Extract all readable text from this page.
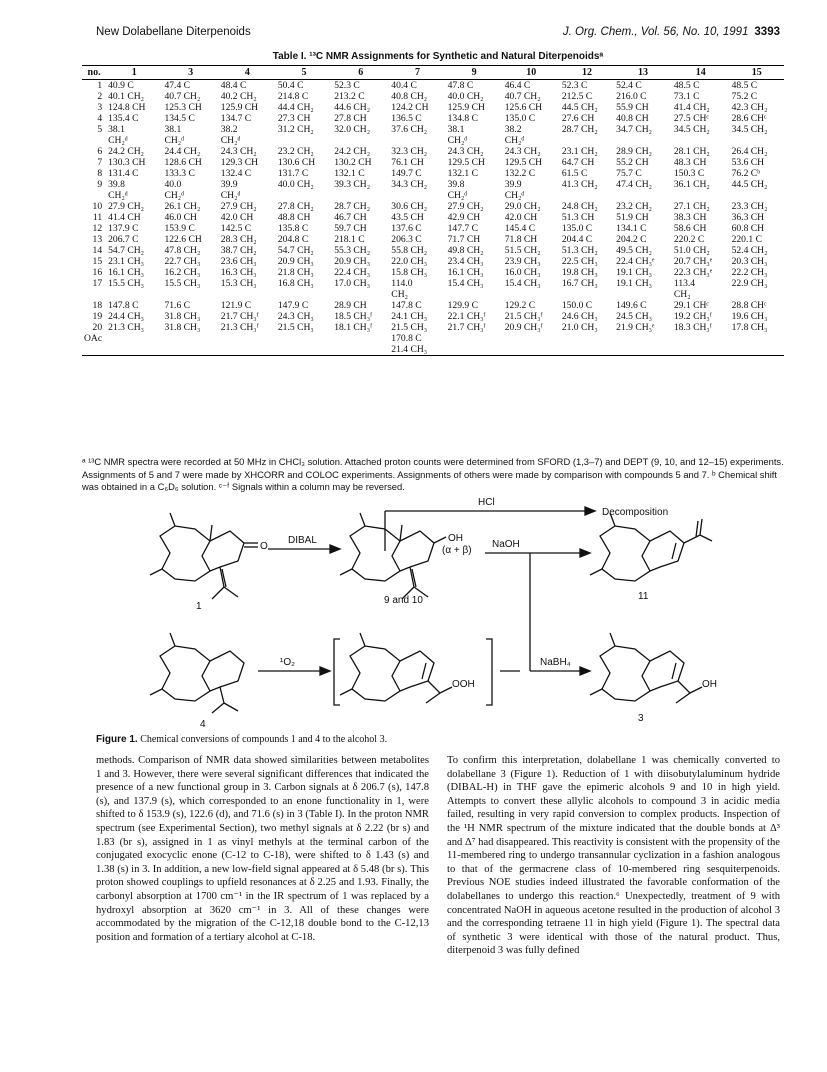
New Dolabellane Diterpenoids	J. Org. Chem., Vol. 56, No. 10, 1991 3393
Table I. ¹³C NMR Assignments for Synthetic and Natural Diterpenoidsᵃ
no.	1	3	4	5	6	7	9	10	12	13	14	15
1	40.9 C	47.4 C	48.4 C	50.4 C	52.3 C	40.4 C	47.8 C	46.4 C	52.3 C	52.4 C	48.5 C	48.5 C
2	40.1 CH₂	40.7 CH₂	40.2 CH₂	214.8 C	213.2 C	40.8 CH₂	40.0 CH₂	40.7 CH₂	212.5 C	216.0 C	73.1 C	75.2 C
3	124.8 CH	125.3 CH	125.9 CH	44.4 CH₂	44.6 CH₂	124.2 CH	125.9 CH	125.6 CH	44.5 CH₂	55.9 CH	41.4 CH₂	42.3 CH₂
4	135.4 C	134.5 C	134.7 C	27.3 CH	27.8 CH	136.5 C	134.8 C	135.0 C	27.6 CH	40.8 CH	27.5 CHᶜ	28.6 CHᶜ
5	38.1	38.1	38.2	31.2 CH₂	32.0 CH₂	37.6 CH₂	38.1	38.2	28.7 CH₂	34.7 CH₂	34.5 CH₂	34.5 CH₂
	CH₂ᵈ	CH₂ᵈ	CH₂ᵈ				CH₂ᵈ	CH₂ᵈ				
6	24.2 CH₂	24.4 CH₂	24.3 CH₂	23.2 CH₂	24.2 CH₂	32.3 CH₂	24.3 CH₂	24.3 CH₂	23.1 CH₂	28.9 CH₂	28.1 CH₂	26.4 CH₂
7	130.3 CH	128.6 CH	129.3 CH	130.6 CH	130.2 CH	76.1 CH	129.5 CH	129.5 CH	64.7 CH	55.2 CH	48.3 CH	53.6 CH
8	131.4 C	133.3 C	132.4 C	131.7 C	132.1 C	149.7 C	132.1 C	132.2 C	61.5 C	75.7 C	150.3 C	76.2 Cᵇ
9	39.8	40.0	39.9	40.0 CH₂	39.3 CH₂	34.3 CH₂	39.8	39.9	41.3 CH₂	47.4 CH₂	36.1 CH₂	44.5 CH₂
	CH₂ᵈ	CH₂ᵈ	CH₂ᵈ				CH₂ᵈ	CH₂ᵈ				
10	27.9 CH₂	26.1 CH₂	27.9 CH₂	27.8 CH₂	28.7 CH₂	30.6 CH₂	27.9 CH₂	29.0 CH₂	24.8 CH₂	23.2 CH₂	27.1 CH₂	23.3 CH₂
11	41.4 CH	46.0 CH	42.0 CH	48.8 CH	46.7 CH	43.5 CH	42.9 CH	42.0 CH	51.3 CH	51.9 CH	38.3 CH	36.3 CH
12	137.9 C	153.9 C	142.5 C	135.8 C	59.7 CH	137.6 C	147.7 C	145.4 C	135.0 C	134.1 C	58.6 CH	60.8 CH
13	206.7 C	122.6 CH	28.3 CH₂	204.8 C	218.1 C	206.3 C	71.7 CH	71.8 CH	204.4 C	204.2 C	220.2 C	220.1 C
14	54.7 CH₂	47.8 CH₂	38.7 CH₂	54.7 CH₂	55.3 CH₂	55.8 CH₂	49.8 CH₂	51.5 CH₂	51.3 CH₂	49.5 CH₂	51.0 CH₂	52.4 CH₂
15	23.1 CH₃	22.7 CH₃	23.6 CH₃	20.9 CH₃	20.9 CH₃	22.0 CH₃	23.4 CH₃	23.9 CH₃	22.5 CH₃	22.4 CH₃ᵉ	20.7 CH₃ᵉ	20.3 CH₃
16	16.1 CH₃	16.2 CH₃	16.3 CH₃	21.8 CH₃	22.4 CH₃	15.8 CH₃	16.1 CH₃	16.0 CH₃	19.8 CH₃	19.1 CH₃	22.3 CH₃ᵉ	22.2 CH₃
17	15.5 CH₃	15.5 CH₃	15.3 CH₃	16.8 CH₃	17.0 CH₃	114.0	15.4 CH₃	15.4 CH₃	16.7 CH₃	19.1 CH₃	113.4	22.9 CH₃
						CH₂					CH₂	
18	147.8 C	71.6 C	121.9 C	147.9 C	28.9 CH	147.8 C	129.9 C	129.2 C	150.0 C	149.6 C	29.1 CHᶜ	28.8 CHᶜ
19	24.4 CH₃	31.8 CH₃	21.7 CH₃ᶠ	24.3 CH₃	18.5 CH₃ᶠ	24.1 CH₃	22.1 CH₃ᶠ	21.5 CH₃ᶠ	24.6 CH₃	24.5 CH₃	19.2 CH₃ᶠ	19.6 CH₃
20	21.3 CH₃	31.8 CH₃	21.3 CH₃ᶠ	21.5 CH₃	18.1 CH₃ᶠ	21.5 CH₃	21.7 CH₃ᶠ	20.9 CH₃ᶠ	21.0 CH₃	21.9 CH₃ᵉ	18.3 CH₃ᶠ	17.8 CH₃
OAc						170.8 C						
						21.4 CH₃						
ᵃ ¹³C NMR spectra were recorded at 50 MHz in CHCl₃ solution. Attached proton counts were determined from SFORD (1,3–7) and DEPT (9, 10, and 12–15) experiments. Assignments of 5 and 7 were made by XHCORR and COLOC experiments. Assignments of others were made by comparison with compounds 5 and 7. ᵇ Chemical shift was obtained in a C₆D₆ solution. ᶜ⁻ᶠ Signals within a column may be reversed.
HCl
Decomposition
DIBAL
O
OH
(α + β)
NaOH
¹O₂
OOH
NaBH₄
OH
1
9 and 10	11
4
3
Figure 1. Chemical conversions of compounds 1 and 4 to the alcohol 3.
methods. Comparison of NMR data showed similarities between metabolites 1 and 3. However, there were several significant differences that indicated the presence of a new functional group in 3. Carbon signals at δ 206.7 (s), 147.8 (s), and 137.9 (s), which corresponded to an enone functionality in 1, were shifted to δ 153.9 (s), 122.6 (d), and 71.6 (s) in 3 (Table I). In the proton NMR spectrum (see Experimental Section), two methyl signals at δ 2.22 (br s) and 1.83 (br s), assigned in 1 as vinyl methyls at the terminal carbon of the conjugated exocyclic enone (C-12 to C-18), were shifted to δ 1.43 (s) and 1.38 (s) in 3. In addition, a new low-field signal appeared at δ 5.48 (br s). This proton showed couplings to upfield resonances at δ 2.25 and 1.93. Finally, the carbonyl absorption at 1700 cm⁻¹ in the IR spectrum of 1 was replaced by a hydroxyl absorption at 3620 cm⁻¹ in 3. All of these changes were accommodated by the migration of the C-12,18 double bond to the C-12,13 position and formation of a tertiary alcohol at C-18.
To confirm this interpretation, dolabellane 1 was chemically converted to dolabellane 3 (Figure 1). Reduction of 1 with diisobutylaluminum hydride (DIBAL-H) in THF gave the epimeric alcohols 9 and 10 in high yield. Attempts to convert these allylic alcohols to compound 3 in acidic media failed, resulting in very rapid conversion to complex products. Inspection of the ¹H NMR spectrum of the mixture indicated that the double bonds at Δ³ and Δ⁷ had disappeared. This reactivity is consistent with the propensity of the 11-membered ring to undergo transannular cyclization in a fashion analogous to that of the germacrene class of 10-membered ring sesquiterpenoids. Previous NOE studies indeed illustrated the favorable conformation of the dolabellanes to undergo this reaction.⁶ Unexpectedly, treatment of 9 with concentrated NaOH in aqueous acetone resulted in the production of alcohol 3 and the corresponding tetraene 11 in high yield (Figure 1). The spectral data of synthetic 3 were identical with those of the natural product. Thus, diterpenoid 3 was fully defined
